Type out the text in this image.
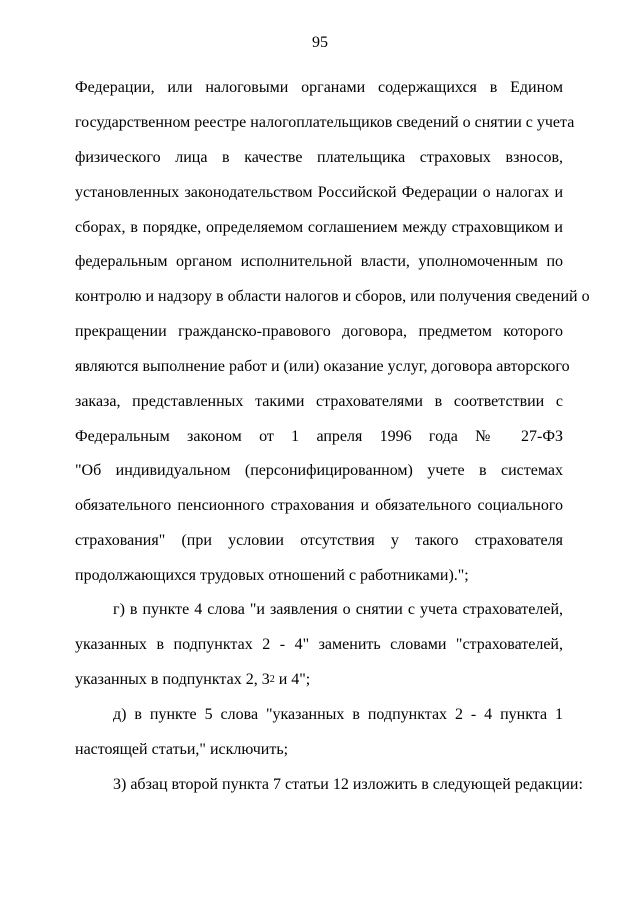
95
Федерации, или налоговыми органами содержащихся в Едином
государственном реестре налогоплательщиков сведений о снятии с учета
физического лица в качестве плательщика страховых взносов,
установленных законодательством Российской Федерации о налогах и
сборах, в порядке, определяемом соглашением между страховщиком и
федеральным органом исполнительной власти, уполномоченным по
контролю и надзору в области налогов и сборов, или получения сведений о
прекращении гражданско-правового договора, предметом которого
являются выполнение работ и (или) оказание услуг, договора авторского
заказа, представленных такими страхователями в соответствии с
Федеральным законом от 1 апреля 1996 года № 27-ФЗ
"Об индивидуальном (персонифицированном) учете в системах
обязательного пенсионного страхования и обязательного социального
страхования" (при условии отсутствия у такого страхователя
продолжающихся трудовых отношений с работниками).";
г) в пункте 4 слова "и заявления о снятии с учета страхователей,
указанных в подпунктах 2 - 4" заменить словами "страхователей,
указанных в подпунктах 2, $3^2$ и 4";
д) в пункте 5 слова "указанных в подпунктах 2 - 4 пункта 1
настоящей статьи," исключить;
3) абзац второй пункта 7 статьи 12 изложить в следующей редакции:
